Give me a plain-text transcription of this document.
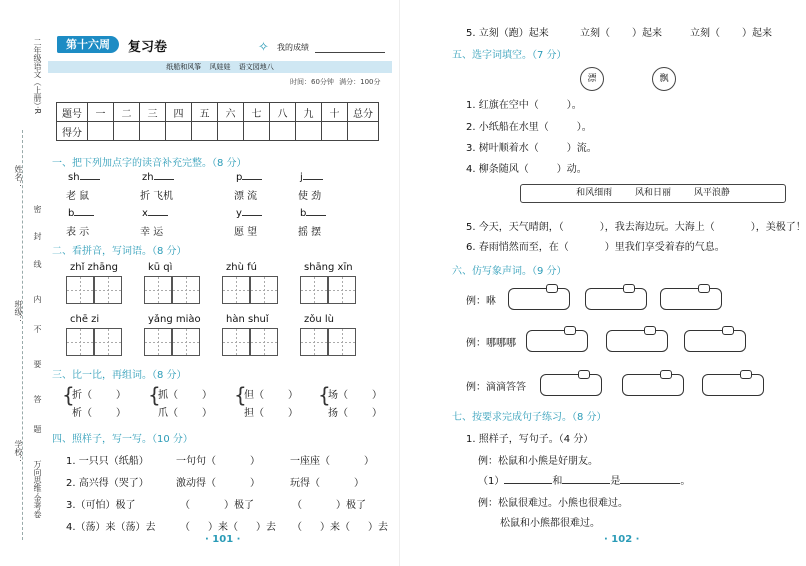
二年级语文（上册）·R
姓名：
班级：
学校：
密
封
线
内
不
要
答
题
万向思维·金考卷
第十六周	复习卷	✧ 我的成绩
纸船和风筝 风娃娃 语文园地八
时间：60分钟 满分：100分
题号	一	二	三	四	五	六	七	八	九	十	总分
得分											
一、把下列加点字的读音补充完整。（8 分）
sh
老 鼠
zh
折 飞机
p
漂 流
j
使 劲
b
表 示
x
幸 运
y
愿 望
b
摇 摆
二、看拼音，写词语。（8 分）
zhǐ zhāng	kū qì	zhù fú	shāng xīn
chē zi	yǎng miào	hàn shuǐ	zǒu lù
三、比一比，再组词。（8 分）
{
折（ ）
析（ ）
{
抓（ ）
爪（ ）
{
但（ ）
担（ ）
{
场（ ）
扬（ ）
四、照样子，写一写。（10 分）
1. 一只只（纸船）	一句句（	）	一座座（	）
2. 高兴得（哭了）	激动得（	）	玩得（	）
3.（可怕）极了	（	）极了	（	）极了
4.（荡）来（荡）去 （ ）来（ ）去 （ ）来（ ）去
· 101 ·
5. 立刻（跑）起来	立刻（ ）起来	立刻（ ）起来
五、选字词填空。（7 分）
漂	飘
1. 红旗在空中（	）。
2. 小纸船在水里（	）。
3. 树叶顺着水（	）流。
4. 柳条随风（	）动。
和风细雨 风和日丽 风平浪静
5. 今天，天气晴朗，（	），我去海边玩。大海上（	），美极了！
6. 春雨悄然而至，在（	）里我们享受着春的气息。
六、仿写象声词。（9 分）
例：咻
例：哪哪哪
例：滴滴答答
七、按要求完成句子练习。（8 分）
1. 照样子，写句子。（4 分）
例：松鼠和小熊是好朋友。
（1）	和	是	。
例：松鼠很难过。小熊也很难过。
松鼠和小熊都很难过。
· 102 ·
